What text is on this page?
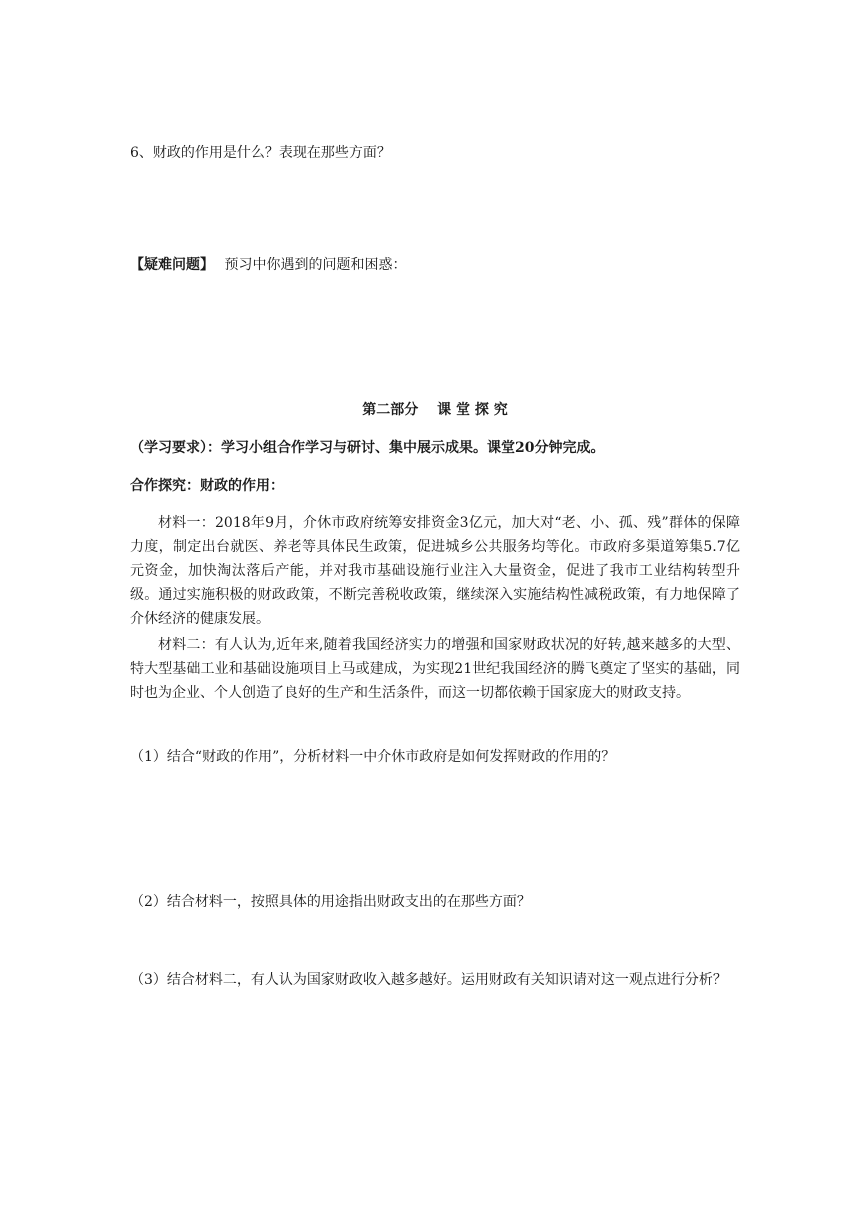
6、财政的作用是什么？表现在那些方面？
【疑难问题】 预习中你遇到的问题和困惑：
第二部分　 课 堂 探 究
（学习要求）：学习小组合作学习与研讨、集中展示成果。课堂20分钟完成。
合作探究：财政的作用：
材料一：2018年9月，介休市政府统筹安排资金3亿元，加大对“老、小、孤、残”群体的保障力度，制定出台就医、养老等具体民生政策，促进城乡公共服务均等化。市政府多渠道筹集5.7亿元资金，加快淘汰落后产能，并对我市基础设施行业注入大量资金，促进了我市工业结构转型升级。通过实施积极的财政政策，不断完善税收政策，继续深入实施结构性减税政策，有力地保障了介休经济的健康发展。
材料二：有人认为,近年来,随着我国经济实力的增强和国家财政状况的好转,越来越多的大型、特大型基础工业和基础设施项目上马或建成，为实现21世纪我国经济的腾飞奠定了坚实的基础，同时也为企业、个人创造了良好的生产和生活条件，而这一切都依赖于国家庞大的财政支持。
（1）结合“财政的作用”，分析材料一中介休市政府是如何发挥财政的作用的？
（2）结合材料一，按照具体的用途指出财政支出的在那些方面？
（3）结合材料二，有人认为国家财政收入越多越好。运用财政有关知识请对这一观点进行分析？
